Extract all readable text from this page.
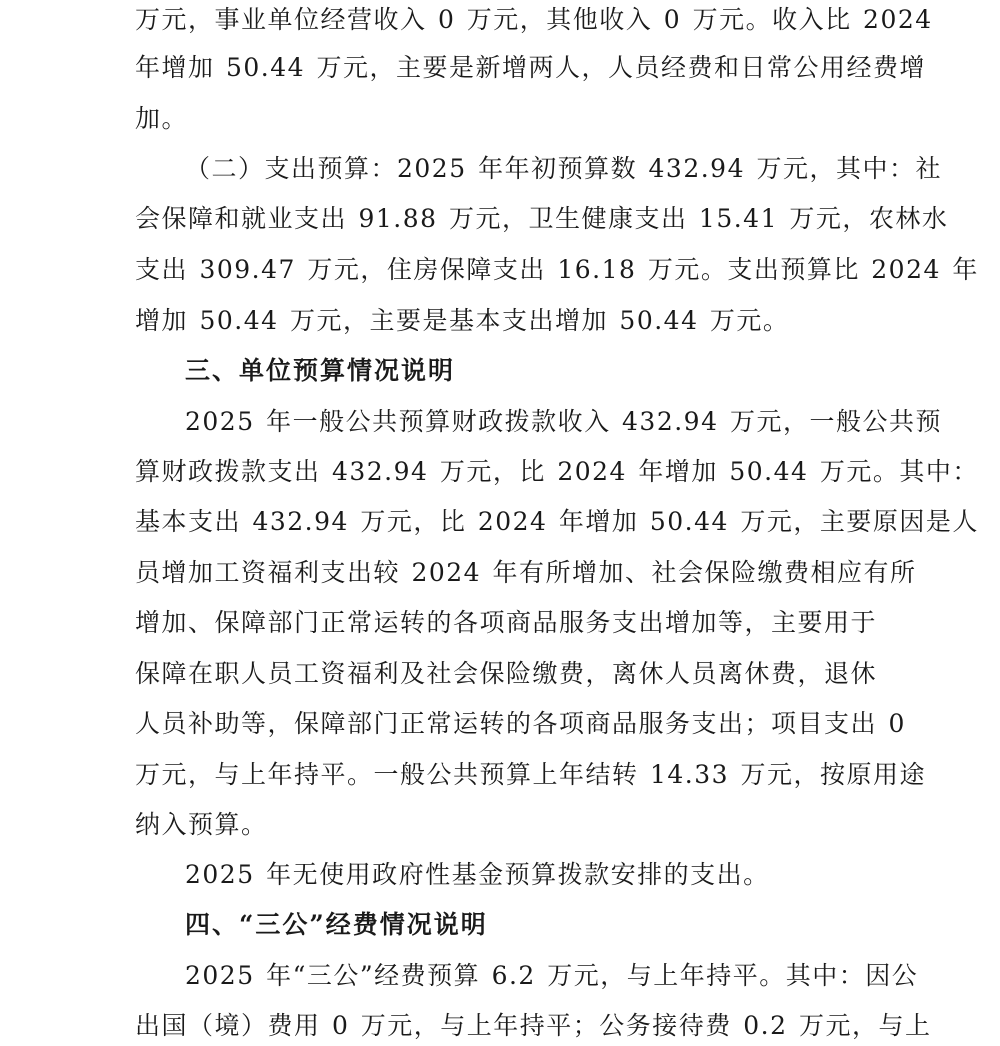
万元，事业单位经营收入 0 万元，其他收入 0 万元。收入比 2024
年增加 50.44 万元，主要是新增两人，人员经费和日常公用经费增
加。
（二）支出预算：2025 年年初预算数 432.94 万元，其中：社
会保障和就业支出 91.88 万元，卫生健康支出 15.41 万元，农林水
支出 309.47 万元，住房保障支出 16.18 万元。支出预算比 2024 年
增加 50.44 万元，主要是基本支出增加 50.44 万元。
三、单位预算情况说明
2025 年一般公共预算财政拨款收入 432.94 万元，一般公共预
算财政拨款支出 432.94 万元，比 2024 年增加 50.44 万元。其中：
基本支出 432.94 万元，比 2024 年增加 50.44 万元，主要原因是人
员增加工资福利支出较 2024 年有所增加、社会保险缴费相应有所
增加、保障部门正常运转的各项商品服务支出增加等，主要用于
保障在职人员工资福利及社会保险缴费，离休人员离休费，退休
人员补助等，保障部门正常运转的各项商品服务支出；项目支出 0
万元，与上年持平。一般公共预算上年结转 14.33 万元，按原用途
纳入预算。
2025 年无使用政府性基金预算拨款安排的支出。
四、“三公”经费情况说明
2025 年“三公”经费预算 6.2 万元，与上年持平。其中：因公
出国（境）费用 0 万元，与上年持平；公务接待费 0.2 万元，与上
